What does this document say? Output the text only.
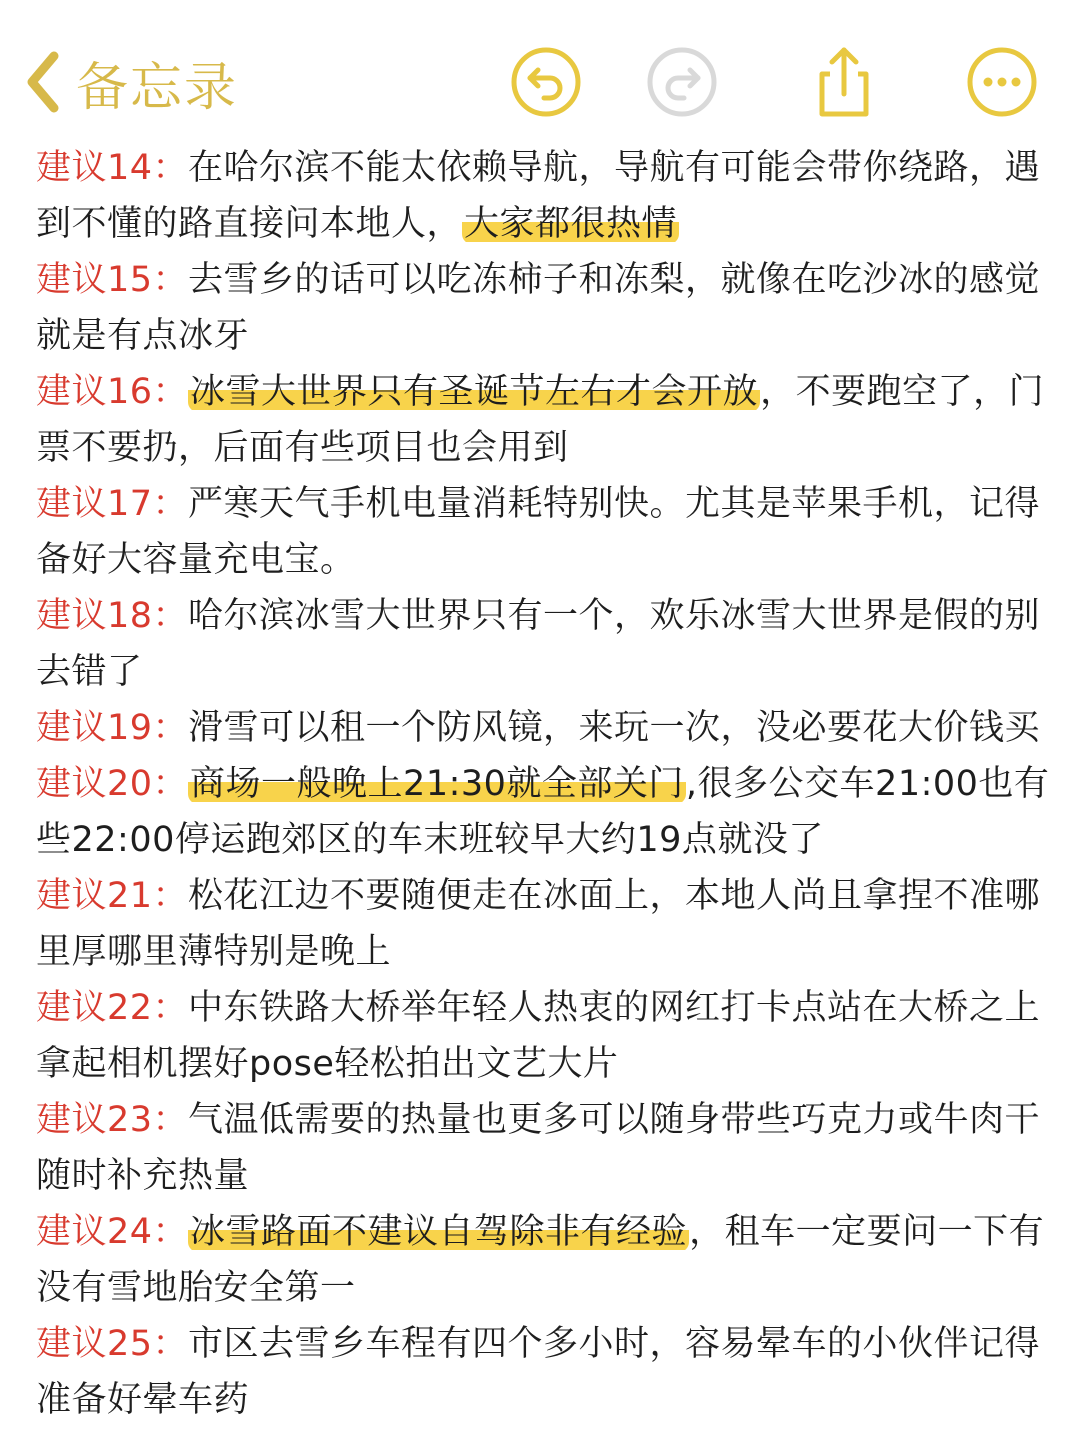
备忘录
建议14：在哈尔滨不能太依赖导航，导航有可能会带你绕路，遇到不懂的路直接问本地人，大家都很热情
建议15：去雪乡的话可以吃冻柿子和冻梨，就像在吃沙冰的感觉就是有点冰牙
建议16：冰雪大世界只有圣诞节左右才会开放，不要跑空了，门票不要扔，后面有些项目也会用到
建议17：严寒天气手机电量消耗特别快。尤其是苹果手机，记得备好大容量充电宝。
建议18：哈尔滨冰雪大世界只有一个，欢乐冰雪大世界是假的别去错了
建议19：滑雪可以租一个防风镜，来玩一次，没必要花大价钱买
建议20：商场一般晚上21:30就全部关门,很多公交车21:00也有些22:00停运跑郊区的车末班较早大约19点就没了
建议21：松花江边不要随便走在冰面上，本地人尚且拿捏不准哪里厚哪里薄特别是晚上
建议22：中东铁路大桥举年轻人热衷的网红打卡点站在大桥之上拿起相机摆好pose轻松拍出文艺大片
建议23：气温低需要的热量也更多可以随身带些巧克力或牛肉干随时补充热量
建议24：冰雪路面不建议自驾除非有经验，租车一定要问一下有没有雪地胎安全第一
建议25：市区去雪乡车程有四个多小时，容易晕车的小伙伴记得准备好晕车药
